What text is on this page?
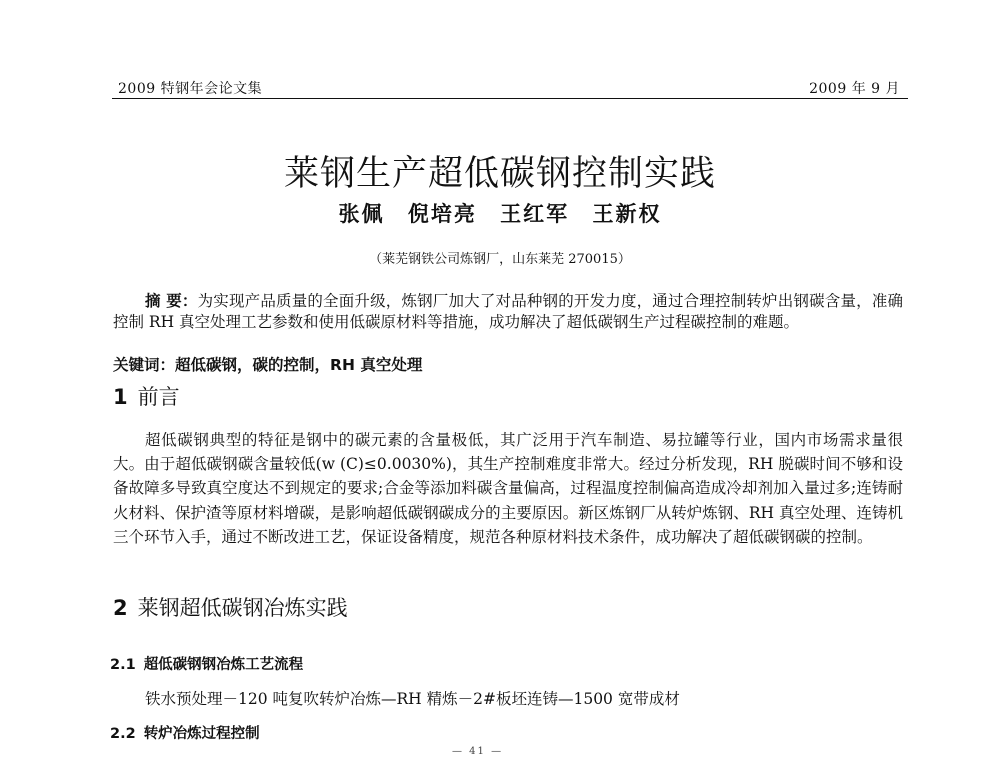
2009 特钢年会论文集	2009 年 9 月
莱钢生产超低碳钢控制实践
张佩 倪培亮 王红军 王新权
（莱芜钢铁公司炼钢厂，山东莱芜 270015）
摘 要：为实现产品质量的全面升级，炼钢厂加大了对品种钢的开发力度，通过合理控制转炉出钢碳含量，准确控制 RH 真空处理工艺参数和使用低碳原材料等措施，成功解决了超低碳钢生产过程碳控制的难题。
关键词：超低碳钢，碳的控制，RH 真空处理
1 前言
超低碳钢典型的特征是钢中的碳元素的含量极低，其广泛用于汽车制造、易拉罐等行业，国内市场需求量很大。由于超低碳钢碳含量较低(w (C)≤0.0030%)，其生产控制难度非常大。经过分析发现，RH 脱碳时间不够和设备故障多导致真空度达不到规定的要求;合金等添加料碳含量偏高，过程温度控制偏高造成冷却剂加入量过多;连铸耐火材料、保护渣等原材料增碳，是影响超低碳钢碳成分的主要原因。新区炼钢厂从转炉炼钢、RH 真空处理、连铸机三个环节入手，通过不断改进工艺，保证设备精度，规范各种原材料技术条件，成功解决了超低碳钢碳的控制。
2 莱钢超低碳钢冶炼实践
2.1 超低碳钢钢冶炼工艺流程
铁水预处理－120 吨复吹转炉冶炼—RH 精炼－2#板坯连铸—1500 宽带成材
2.2 转炉冶炼过程控制
— 41 —
